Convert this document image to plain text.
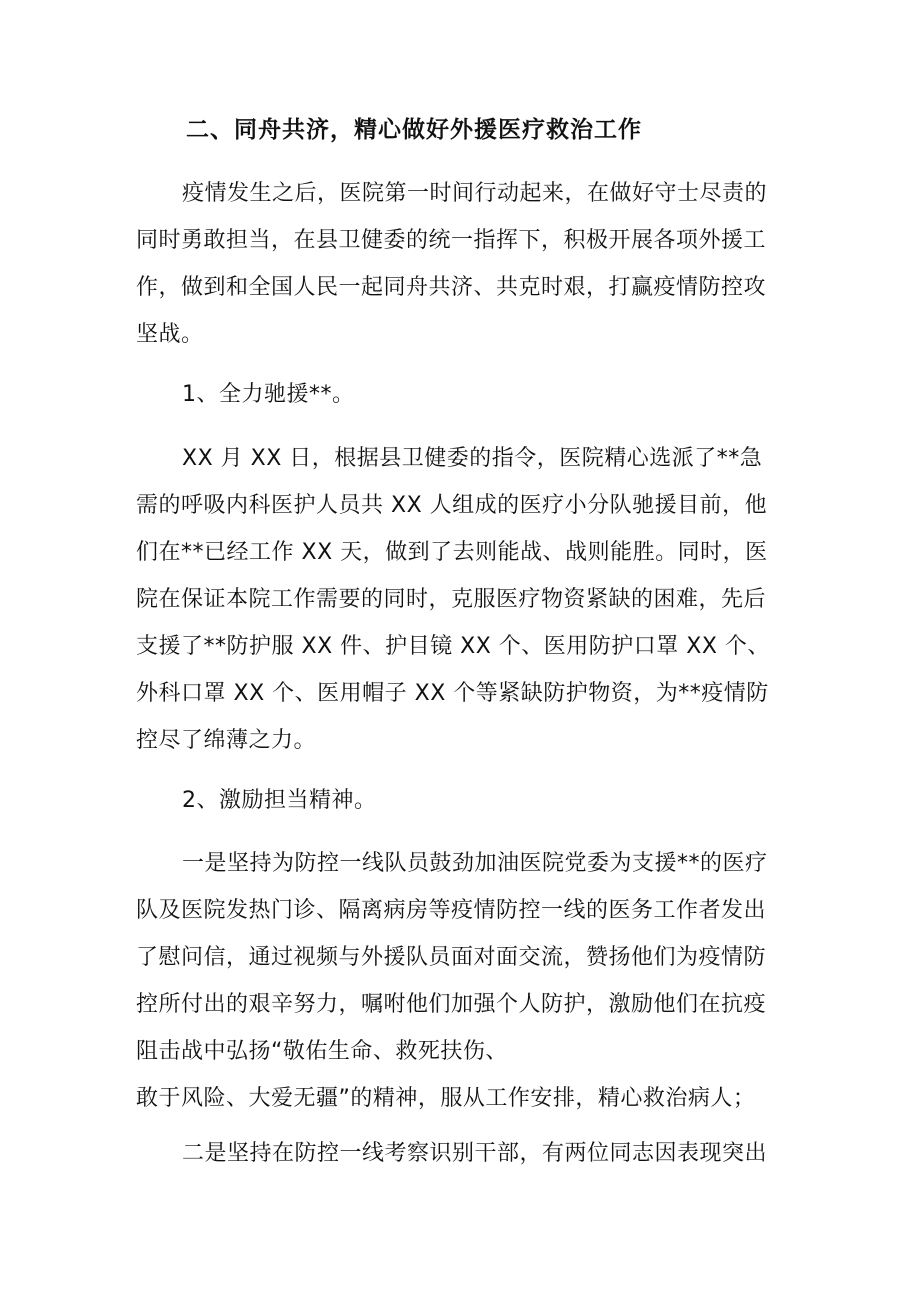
二、同舟共济，精心做好外援医疗救治工作
疫情发生之后，医院第一时间行动起来，在做好守士尽责的
同时勇敢担当，在县卫健委的统一指挥下，积极开展各项外援工
作，做到和全国人民一起同舟共济、共克时艰，打赢疫情防控攻
坚战。
1、全力驰援**。
XX 月 XX 日，根据县卫健委的指令，医院精心选派了**急
需的呼吸内科医护人员共 XX 人组成的医疗小分队驰援目前，他
们在**已经工作 XX 天，做到了去则能战、战则能胜。同时，医
院在保证本院工作需要的同时，克服医疗物资紧缺的困难，先后
支援了**防护服 XX 件、护目镜 XX 个、医用防护口罩 XX 个、
外科口罩 XX 个、医用帽子 XX 个等紧缺防护物资，为**疫情防
控尽了绵薄之力。
2、激励担当精神。
一是坚持为防控一线队员鼓劲加油医院党委为支援**的医疗
队及医院发热门诊、隔离病房等疫情防控一线的医务工作者发出
了慰问信，通过视频与外援队员面对面交流，赞扬他们为疫情防
控所付出的艰辛努力，嘱咐他们加强个人防护，激励他们在抗疫
阻击战中弘扬“敬佑生命、救死扶伤、
敢于风险、大爱无疆”的精神，服从工作安排，精心救治病人；
二是坚持在防控一线考察识别干部，有两位同志因表现突出
